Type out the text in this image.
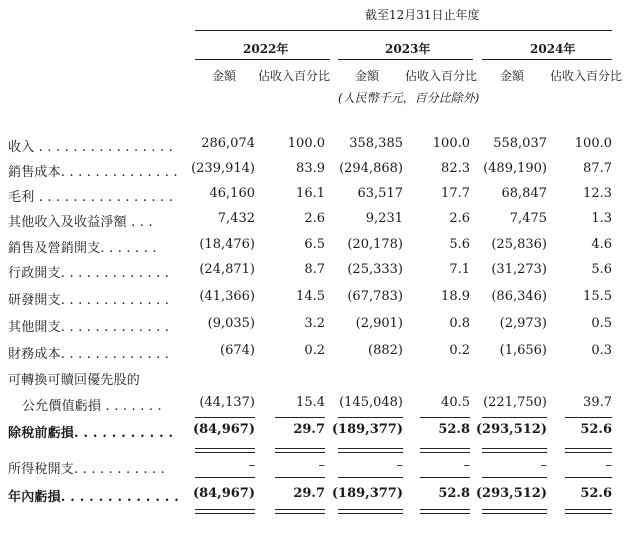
截至12月31日止年度
2022年	2023年	2024年
金額 佔收入百分比 金額 佔收入百分比 金額 佔收入百分比
(人民幣千元，百分比除外)
收入 . . . . . . . . . . . . . . . . 286,074	100.0 358,385 100.0 558,037 100.0
銷售成本. . . . . . . . . . . . . . (239,914)	83.9 (294,868)	82.3 (489,190)	87.7
毛利 . . . . . . . . . . . . . . . .	46,160	16.1	63,517	17.7 68,847	12.3
其他收入及收益淨額 . . .	7,432	2.6	9,231	2.6	7,475	1.3
銷售及營銷開支. . . . . . .	(18,476)	6.5 (20,178)	5.6 (25,836)	4.6
行政開支. . . . . . . . . . . . . (24,871)	8.7 (25,333)	7.1 (31,273)	5.6
研發開支. . . . . . . . . . . . . (41,366)	14.5 (67,783)	18.9 (86,346)	15.5
其他開支. . . . . . . . . . . . .	(9,035)	3.2 (2,901)	0.8 (2,973)	0.5
財務成本. . . . . . . . . . . . .	(674)	0.2	(882)	0.2 (1,656)	0.3
可轉換可贖回優先股的
公允價值虧損 . . . . . . .	(44,137)	15.4 (145,048)	40.5 (221,750)	39.7
除稅前虧損. . . . . . . . . . . (84,967)	29.7 (189,377)	52.8 (293,512)	52.6
所得稅開支. . . . . . . . . . .	–	–	–	–	–	–
年內虧損. . . . . . . . . . . . . (84,967)	29.7 (189,377)	52.8 (293,512)	52.6
